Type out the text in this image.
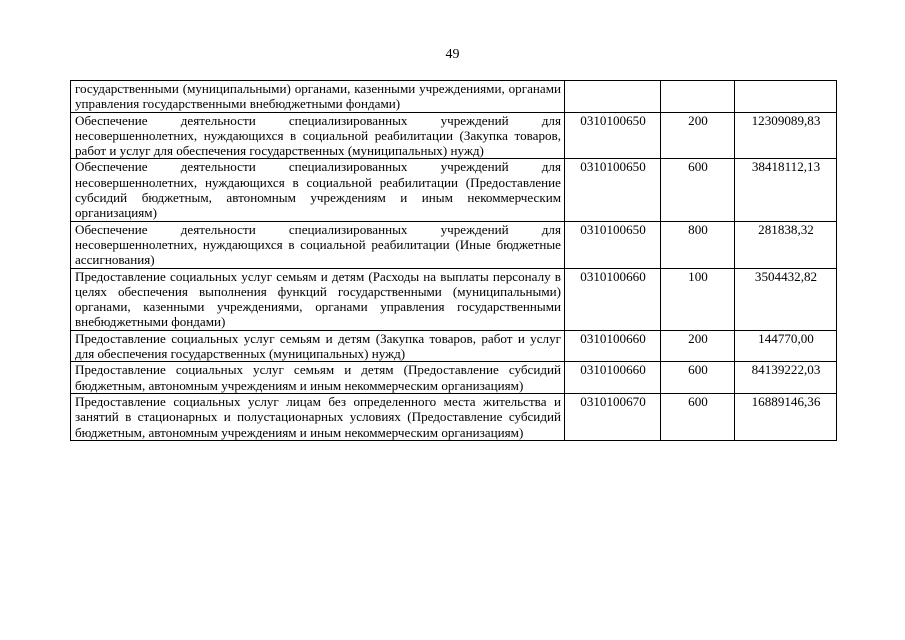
49
государственными (муниципальными) органами, казенными учреждениями, органами управления государственными внебюджетными фондами)			
Обеспечение деятельности специализированных учреждений для несовершеннолетних, нуждающихся в социальной реабилитации (Закупка товаров, работ и услуг для обеспечения государственных (муниципальных) нужд)	0310100650	200	12309089,83
Обеспечение деятельности специализированных учреждений для несовершеннолетних, нуждающихся в социальной реабилитации (Предоставление субсидий бюджетным, автономным учреждениям и иным некоммерческим организациям)	0310100650	600	38418112,13
Обеспечение деятельности специализированных учреждений для несовершеннолетних, нуждающихся в социальной реабилитации (Иные бюджетные ассигнования)	0310100650	800	281838,32
Предоставление социальных услуг семьям и детям (Расходы на выплаты персоналу в целях обеспечения выполнения функций государственными (муниципальными) органами, казенными учреждениями, органами управления государственными внебюджетными фондами)	0310100660	100	3504432,82
Предоставление социальных услуг семьям и детям (Закупка товаров, работ и услуг для обеспечения государственных (муниципальных) нужд)	0310100660	200	144770,00
Предоставление социальных услуг семьям и детям (Предоставление субсидий бюджетным, автономным учреждениям и иным некоммерческим организациям)	0310100660	600	84139222,03
Предоставление социальных услуг лицам без определенного места жительства и занятий в стационарных и полустационарных условиях (Предоставление субсидий бюджетным, автономным учреждениям и иным некоммерческим организациям)	0310100670	600	16889146,36
